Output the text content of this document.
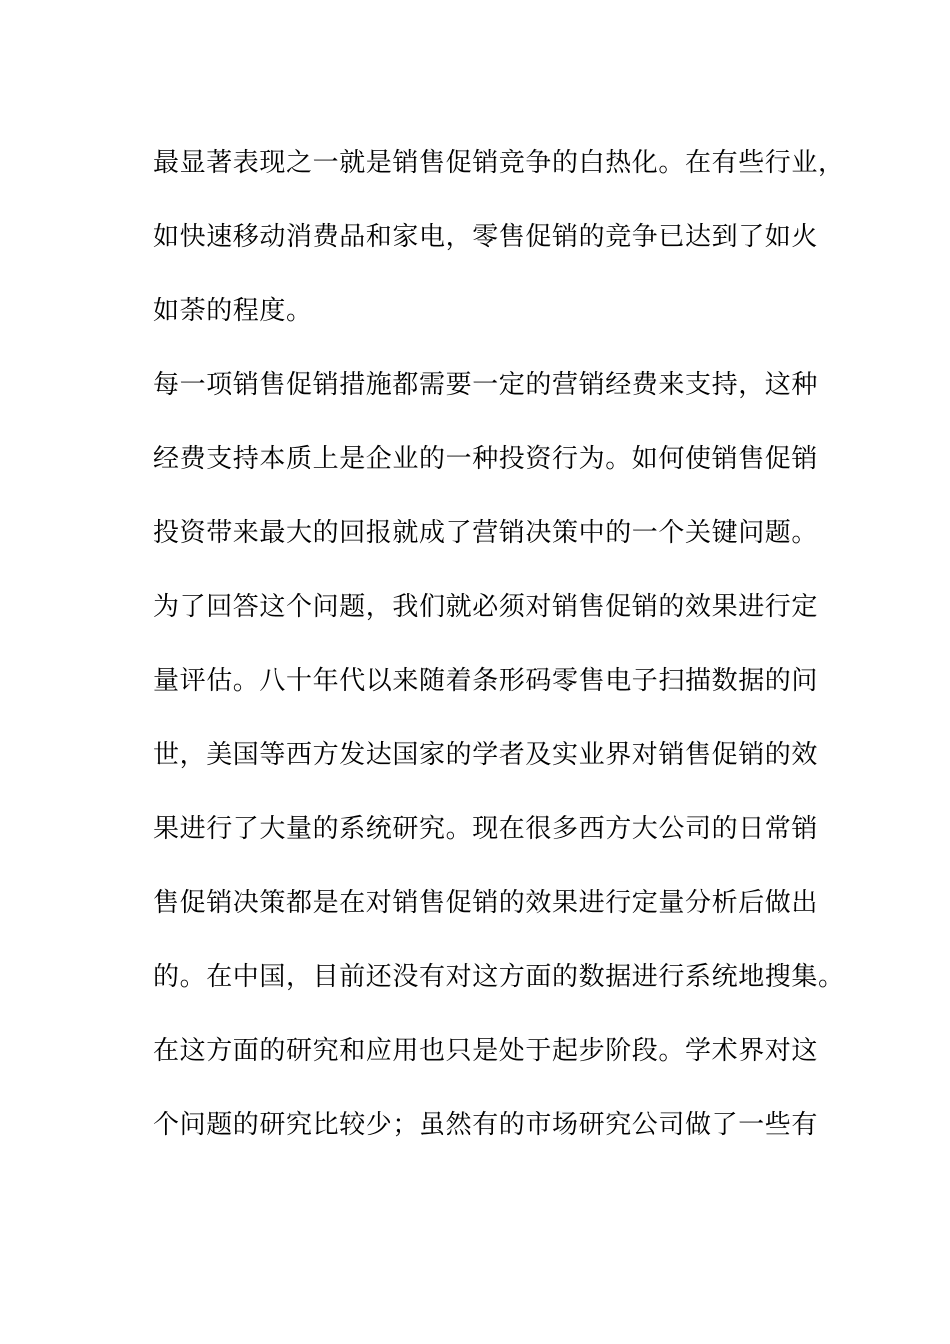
最显著表现之一就是销售促销竞争的白热化。在有些行业，
如快速移动消费品和家电，零售促销的竞争已达到了如火
如荼的程度。
每一项销售促销措施都需要一定的营销经费来支持，这种
经费支持本质上是企业的一种投资行为。如何使销售促销
投资带来最大的回报就成了营销决策中的一个关键问题。
为了回答这个问题，我们就必须对销售促销的效果进行定
量评估。八十年代以来随着条形码零售电子扫描数据的问
世，美国等西方发达国家的学者及实业界对销售促销的效
果进行了大量的系统研究。现在很多西方大公司的日常销
售促销决策都是在对销售促销的效果进行定量分析后做出
的。在中国，目前还没有对这方面的数据进行系统地搜集。
在这方面的研究和应用也只是处于起步阶段。学术界对这
个问题的研究比较少；虽然有的市场研究公司做了一些有
